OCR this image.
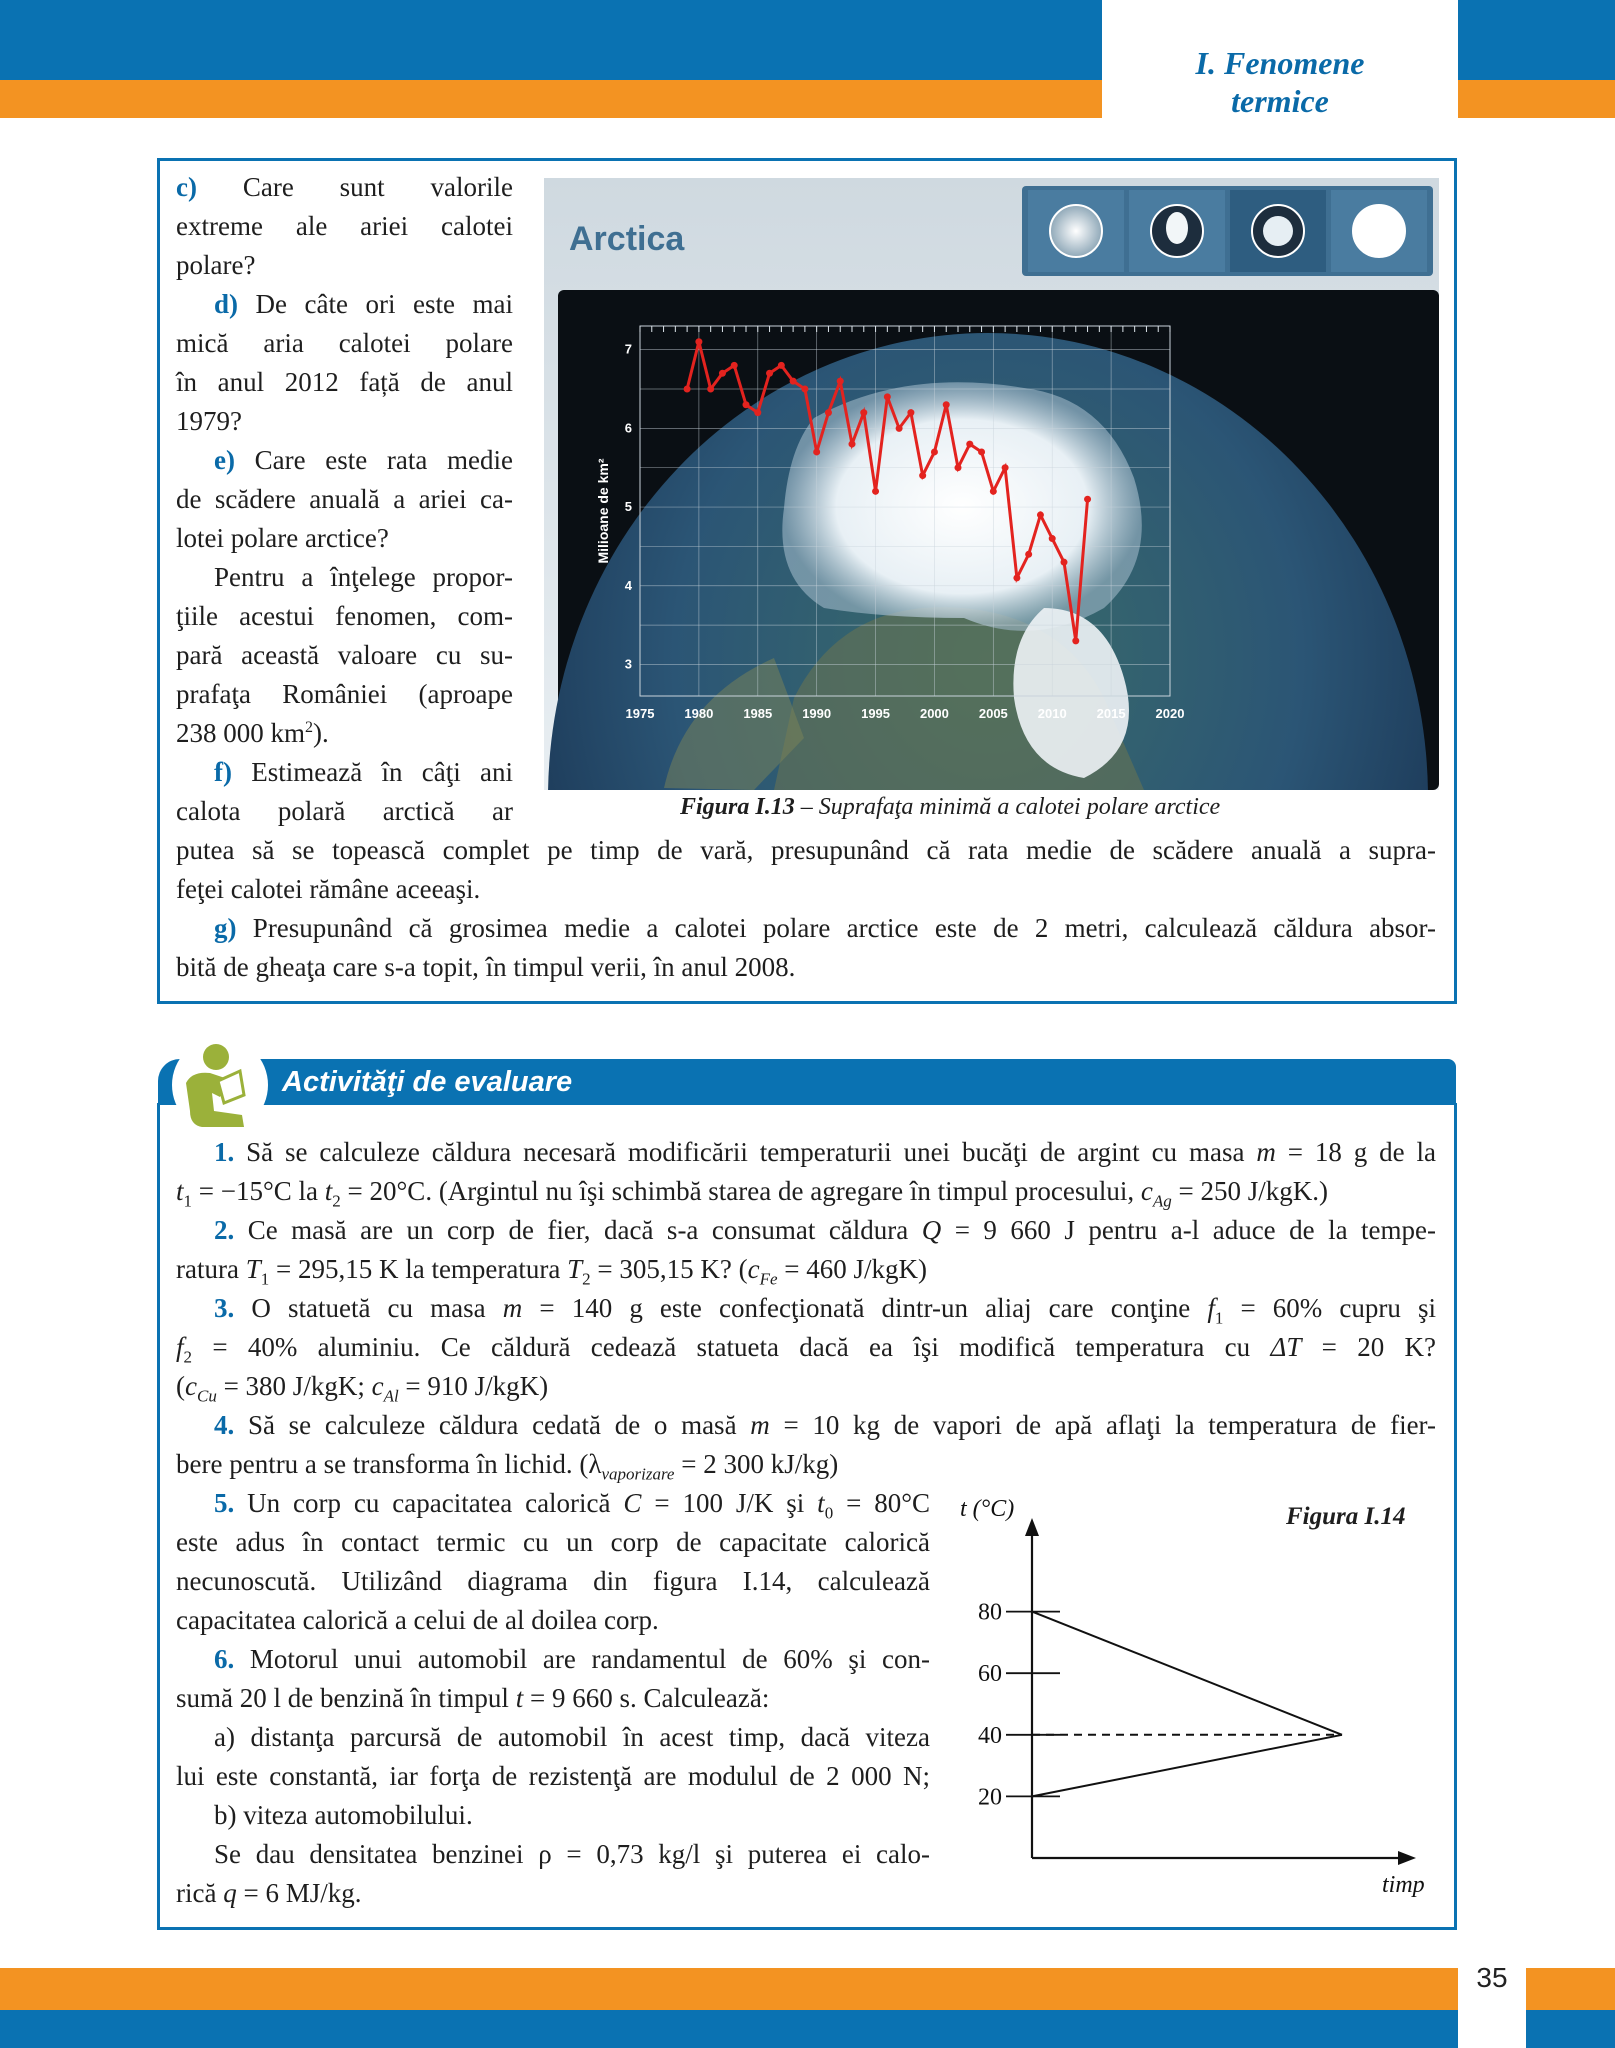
I. Fenomene
termice

c) Care sunt valorile

extreme ale ariei calotei

polare?

d) De câte ori este mai

mică aria calotei polare

în anul 2012 față de anul

1979?

e) Care este rata medie

de scădere anuală a ariei ca-

lotei polare arctice?

Pentru a înţelege propor-

ţiile acestui fenomen, com-

pară această valoare cu su-

prafaţa României (aproape

238 000 $km^2$).

f) Estimează în câţi ani

calota polară arctică ar

putea să se topească complet pe timp de vară, presupunând că rata medie de scădere anuală a supra-

feţei calotei rămâne aceeaşi.

g) Presupunând că grosimea medie a calotei polare arctice este de 2 metri, calculează căldura absor-

bită de gheaţa care s-a topit, în timpul verii, în anul 2008.

Arctica
1975 1980 1985 1990 1995 2000 2005 2010 2015 2020
3
4
5
6
7
Milioane de km²
Figura I.13 – Suprafaţa minimă a calotei polare arctice
Activităţi de evaluare

1. Să se calculeze căldura necesară modificării temperaturii unei bucăţi de argint cu masa m = 18 g de la

$t_1 = -15^\circ C$ la $t_2 = 20^\circ C$. (Argintul nu îşi schimbă starea de agregare în timpul procesului, $c_{Ag} = 250$ J/kgK.)

2. Ce masă are un corp de fier, dacă s-a consumat căldura Q = 9 660 J pentru a-l aduce de la tempe-

ratura $T_1 = 295,15$ K la temperatura $T_2 = 305,15$ K? ($c_{Fe} = 460$ J/kgK)

3. O statuetă cu masa m = 140 g este confecţionată dintr-un aliaj care conţine $f_1 = 60\%$ cupru şi

$f_2 = 40\%$ aluminiu. Ce căldură cedează statueta dacă ea îşi modifică temperatura cu ΔT = 20 K?

($c_{Cu} = 380$ J/kgK; $c_{Al} = 910$ J/kgK)

4. Să se calculeze căldura cedată de o masă m = 10 kg de vapori de apă aflaţi la temperatura de fier-

bere pentru a se transforma în lichid. ($\lambda_{vaporizare} = 2$ 300 kJ/kg)

5. Un corp cu capacitatea calorică C = 100 J/K şi $t_0 = 80^\circ C$

este adus în contact termic cu un corp de capacitate calorică

necunoscută. Utilizând diagrama din figura I.14, calculează

capacitatea calorică a celui de al doilea corp.

6. Motorul unui automobil are randamentul de 60% şi con-

sumă 20 l de benzină în timpul t = 9 660 s. Calculează:

a) distanţa parcursă de automobil în acest timp, dacă viteza

lui este constantă, iar forţa de rezistenţă are modulul de 2 000 N;

b) viteza automobilului.

Se dau densitatea benzinei ρ = 0,73 kg/l şi puterea ei calo-

rică q = 6 MJ/kg.

20
40
60
80
t (°C)
timp
Figura I.14
35
